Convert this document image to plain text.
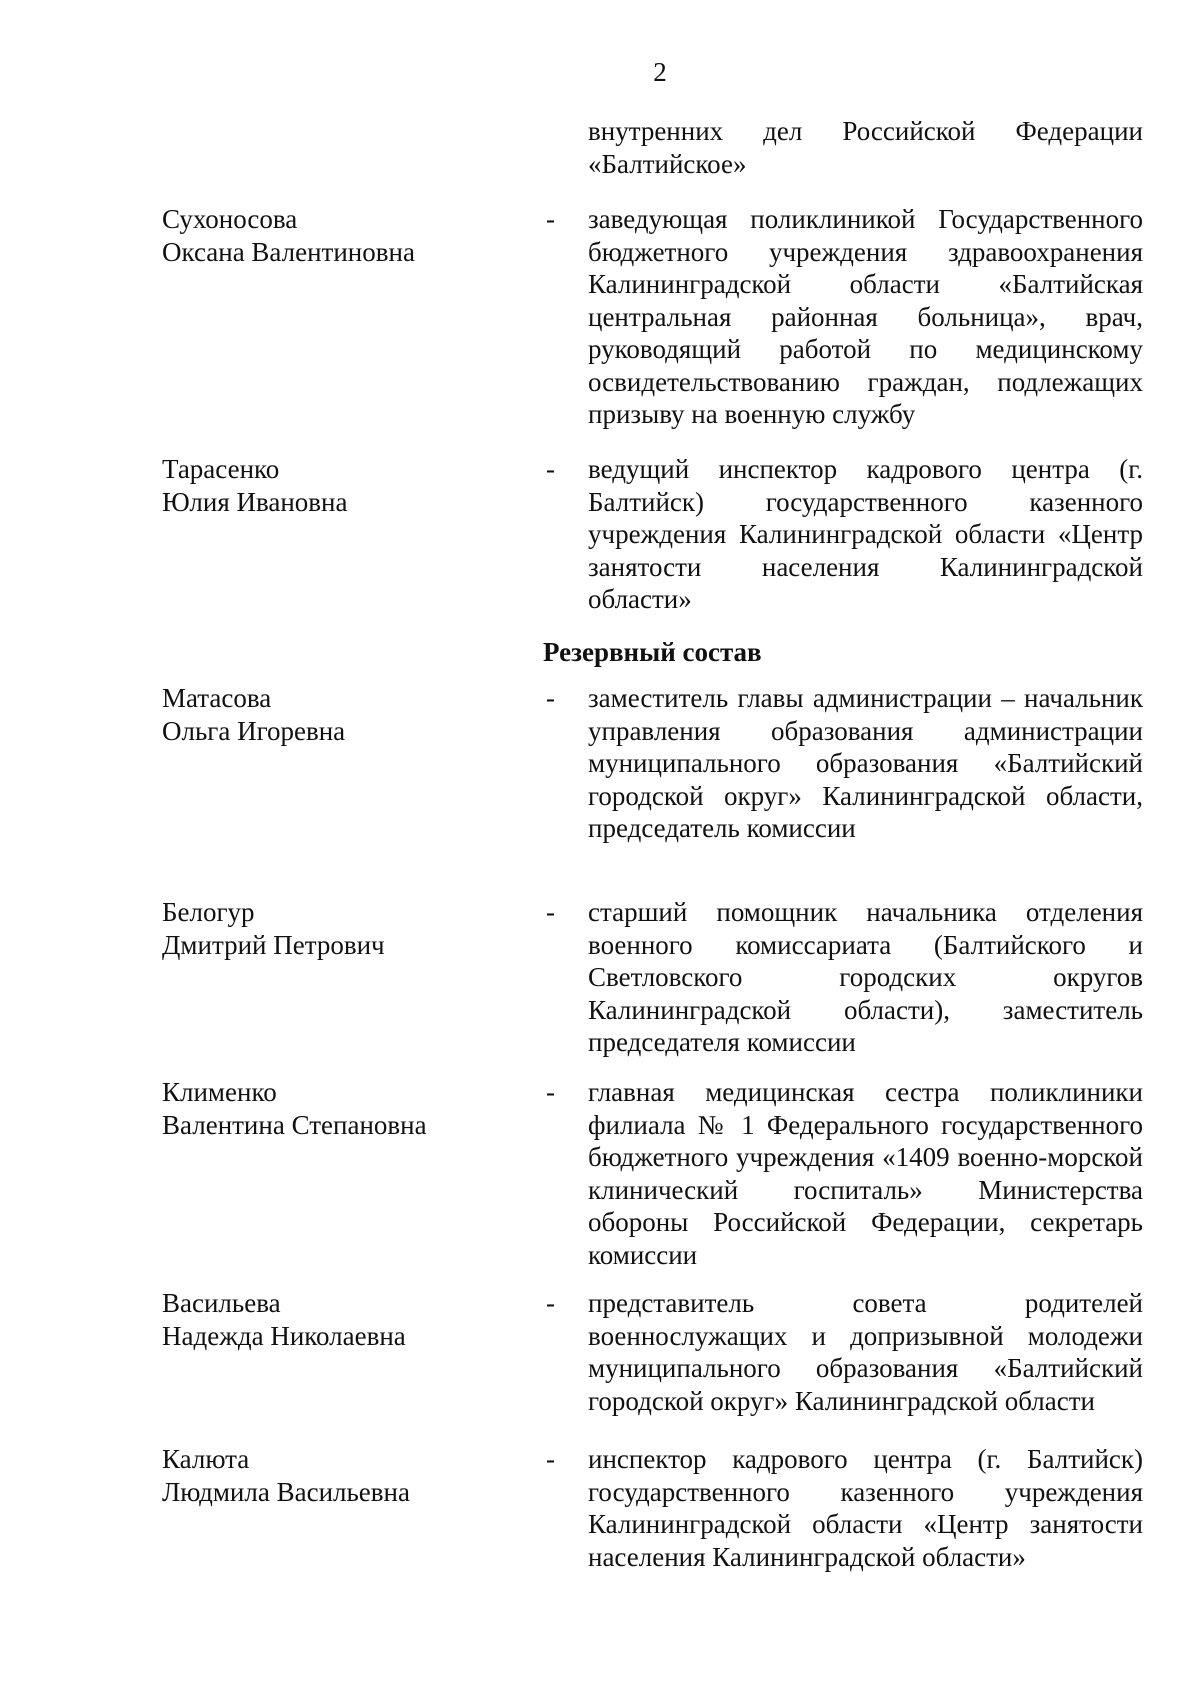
2
внутренних дел Российской Федерации «Балтийское»
Сухоносова
Оксана Валентиновна
- заведующая поликлиникой Государственного бюджетного учреждения здравоохранения Калининградской области «Балтийская центральная районная больница», врач, руководящий работой по медицинскому освидетельствованию граждан, подлежащих призыву на военную службу
Тарасенко
Юлия Ивановна
- ведущий инспектор кадрового центра (г. Балтийск) государственного казенного учреждения Калининградской области «Центр занятости населения Калининградской области»
Резервный состав
Матасова
Ольга Игоревна
- заместитель главы администрации – начальник управления образования администрации муниципального образования «Балтийский городской округ» Калининградской области, председатель комиссии
Белогур
Дмитрий Петрович
- старший помощник начальника отделения военного комиссариата (Балтийского и Светловского городских округов Калининградской области), заместитель председателя комиссии
Клименко
Валентина Степановна
- главная медицинская сестра поликлиники филиала № 1 Федерального государственного бюджетного учреждения «1409 военно-морской клинический госпиталь» Министерства обороны Российской Федерации, секретарь комиссии
Васильева
Надежда Николаевна
- представитель совета родителей военнослужащих и допризывной молодежи муниципального образования «Балтийский городской округ» Калининградской области
Калюта
Людмила Васильевна
- инспектор кадрового центра (г. Балтийск) государственного казенного учреждения Калининградской области «Центр занятости населения Калининградской области»
